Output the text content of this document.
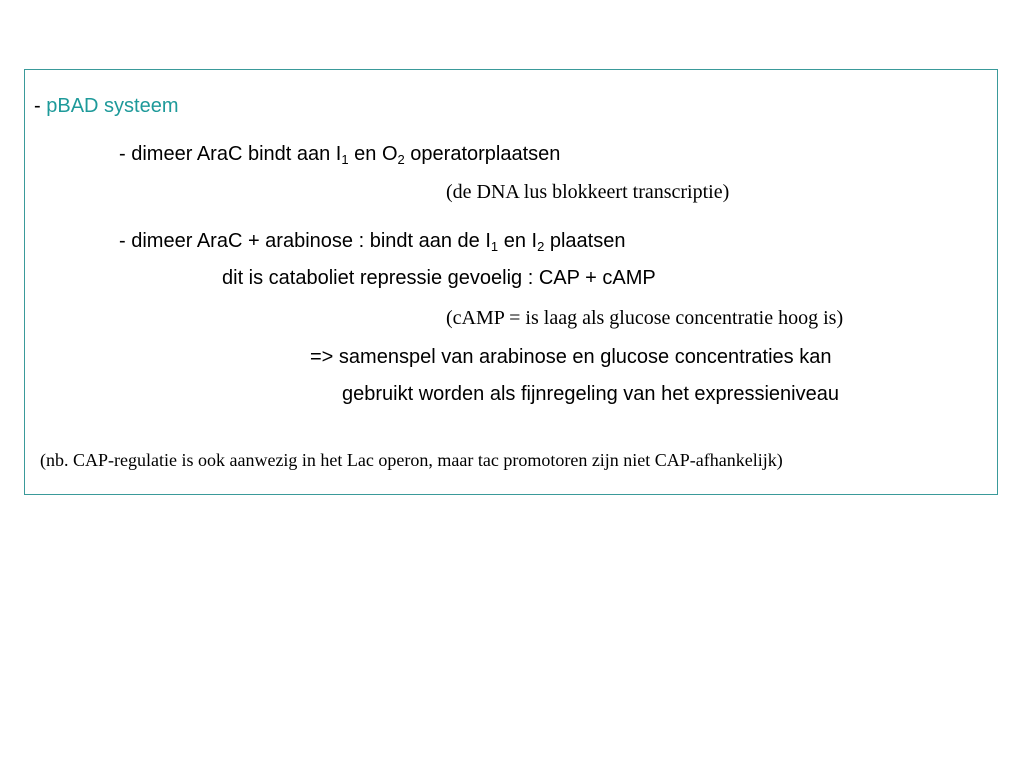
- pBAD systeem
- dimeer AraC bindt aan $I_1$ en $O_2$ operatorplaatsen
(de DNA lus blokkeert transcriptie)
- dimeer AraC + arabinose : bindt aan de $I_1$ en $I_2$ plaatsen
dit is cataboliet repressie gevoelig : CAP + cAMP
(cAMP = is laag als glucose concentratie hoog is)
=> samenspel van arabinose en glucose concentraties kan
gebruikt worden als fijnregeling van het expressieniveau
(nb. CAP-regulatie is ook aanwezig in het Lac operon, maar tac promotoren zijn niet CAP-afhankelijk)
